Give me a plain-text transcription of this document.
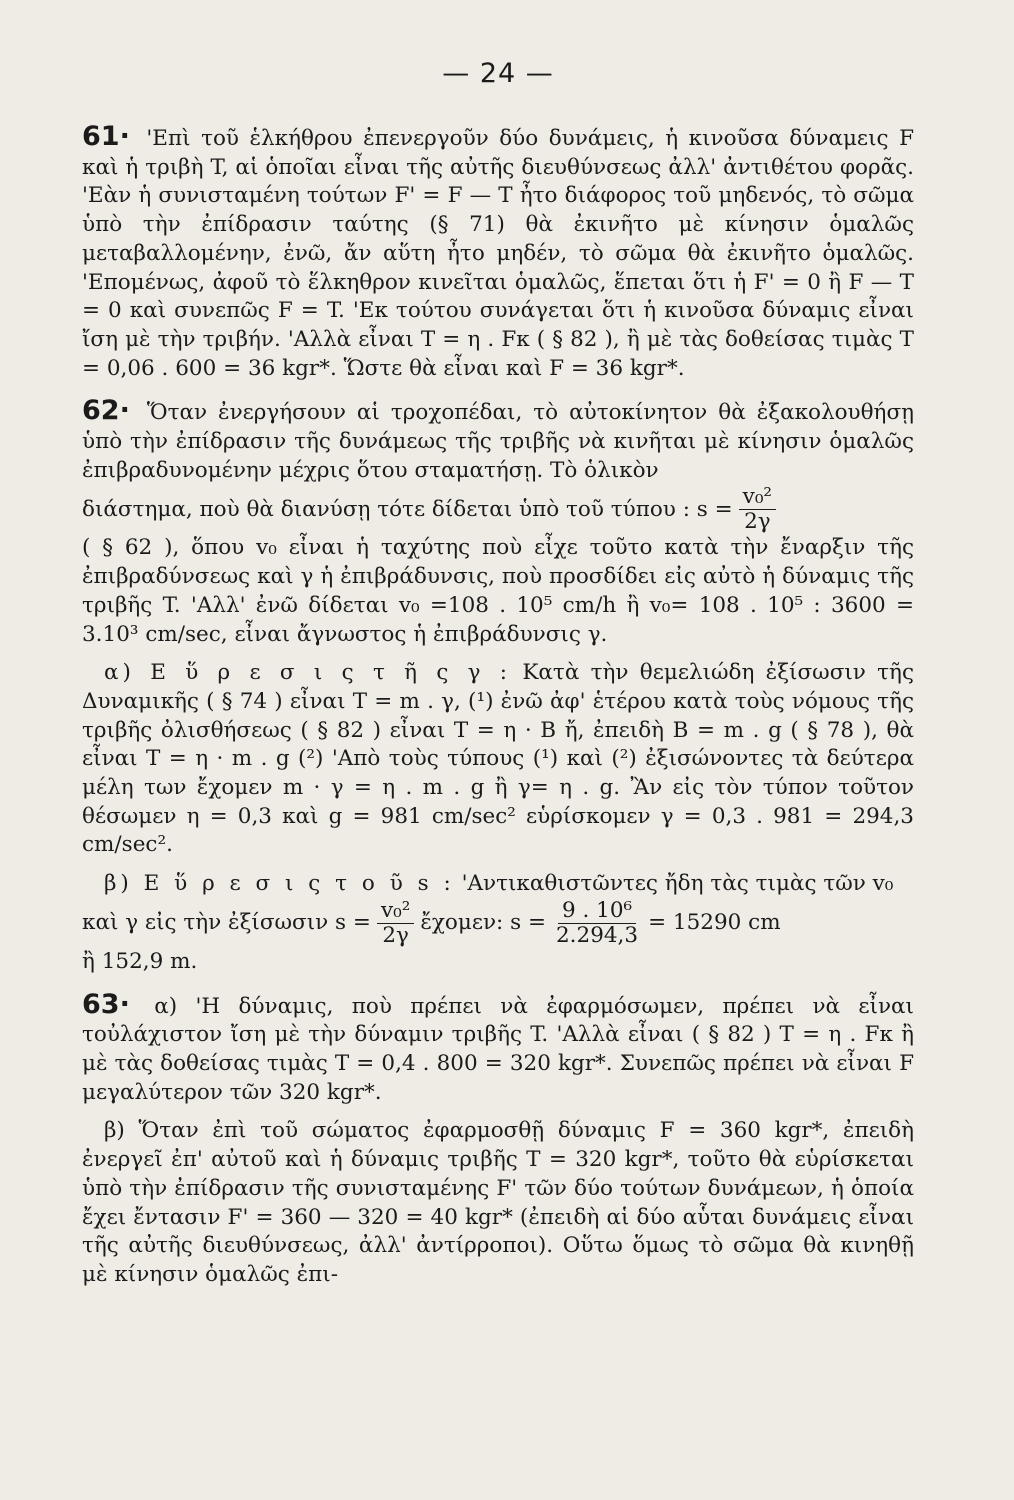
— 24 —

61· 'Επὶ τοῦ ἑλκήθρου ἐπενεργοῦν δύο δυνάμεις, ἡ κινοῦσα δύναμεις F καὶ ἡ τριβὴ T, αἱ ὁποῖαι εἶναι τῆς αὐτῆς διευθύνσεως ἀλλ' ἀντιθέτου φορᾶς. 'Εὰν ἡ συνισταμένη τούτων F' = F — T ἦτο διάφορος τοῦ μηδενός, τὸ σῶμα ὑπὸ τὴν ἐπίδρασιν ταύτης (§ 71) θὰ ἐκινῆτο μὲ κίνησιν ὁμαλῶς μεταβαλλομένην, ἐνῶ, ἄν αὕτη ἦτο μηδέν, τὸ σῶμα θὰ ἐκινῆτο ὁμαλῶς. 'Επομένως, ἀφοῦ τὸ ἕλκηθρον κινεῖται ὁμαλῶς, ἕπεται ὅτι ἡ F' = 0 ἢ F — T = 0 καὶ συνεπῶς F = T. 'Εκ τούτου συνάγεται ὅτι ἡ κινοῦσα δύναμις εἶναι ἴση μὲ τὴν τριβήν. 'Αλλὰ εἶναι T = η . Fκ ( § 82 ), ἢ μὲ τὰς δοθείσας τιμὰς T = 0,06 . 600 = 36 kgr*. Ὥστε θὰ εἶναι καὶ F = 36 kgr*.

62· Ὅταν ἐνεργήσουν αἱ τροχοπέδαι, τὸ αὐτοκίνητον θὰ ἐξακολουθήσῃ ὑπὸ τὴν ἐπίδρασιν τῆς δυνάμεως τῆς τριβῆς νὰ κινῆται μὲ κίνησιν ὁμαλῶς ἐπιβραδυνομένην μέχρις ὅτου σταματήσῃ. Τὸ ὁλικὸν

διάστημα, ποὺ θὰ διανύσῃ τότε δίδεται ὑπὸ τοῦ τύπου : $s = \frac{\text{v₀²}}{2\gamma}$

( § 62 ), ὅπου v₀ εἶναι ἡ ταχύτης ποὺ εἶχε τοῦτο κατὰ τὴν ἔναρξιν τῆς ἐπιβραδύνσεως καὶ γ ἡ ἐπιβράδυνσις, ποὺ προσδίδει εἰς αὐτὸ ἡ δύναμις τῆς τριβῆς T. 'Αλλ' ἐνῶ δίδεται v₀ =108 . 10⁵ cm/h ἢ v₀= 108 . 10⁵ : 3600 = 3.10³ cm/sec, εἶναι ἄγνωστος ἡ ἐπιβράδυνσις γ.

α) Ε ὕ ρ ε σ ι ς τ ῆ ς γ : Κατὰ τὴν θεμελιώδη ἐξίσωσιν τῆς Δυναμικῆς ( § 74 ) εἶναι T = m . γ, (¹) ἐνῶ ἀφ' ἑτέρου κατὰ τοὺς νόμους τῆς τριβῆς ὀλισθήσεως ( § 82 ) εἶναι T = η · B ἤ, ἐπειδὴ B = m . g ( § 78 ), θὰ εἶναι T = η · m . g (²) 'Απὸ τοὺς τύπους (¹) καὶ (²) ἐξισώνοντες τὰ δεύτερα μέλη των ἔχομεν m · γ = η . m . g ἢ γ= η . g. Ἂν εἰς τὸν τύπον τοῦτον θέσωμεν η = 0,3 καὶ g = 981 cm/sec² εὑρίσκομεν γ = 0,3 . 981 = 294,3 cm/sec².

β) Ε ὕ ρ ε σ ι ς τ ο ῦ s : 'Αντικαθιστῶντες ἤδη τὰς τιμὰς τῶν v₀

καὶ γ εἰς τὴν ἐξίσωσιν $s = \frac{\text{v₀²}}{2\gamma}$ ἔχομεν: $s = \frac{\text{9 . 10⁶}}{2.294,3} = 15290$ cm

ἢ 152,9 m.

63· α) 'Η δύναμις, ποὺ πρέπει νὰ ἐφαρμόσωμεν, πρέπει νὰ εἶναι τοὐλάχιστον ἴση μὲ τὴν δύναμιν τριβῆς T. 'Αλλὰ εἶναι ( § 82 ) T = η . Fκ ἢ μὲ τὰς δοθείσας τιμὰς T = 0,4 . 800 = 320 kgr*. Συνεπῶς πρέπει νὰ εἶναι F μεγαλύτερον τῶν 320 kgr*.

β) Ὅταν ἐπὶ τοῦ σώματος ἐφαρμοσθῇ δύναμις F = 360 kgr*, ἐπειδὴ ἐνεργεῖ ἐπ' αὐτοῦ καὶ ἡ δύναμις τριβῆς T = 320 kgr*, τοῦτο θὰ εὑρίσκεται ὑπὸ τὴν ἐπίδρασιν τῆς συνισταμένης F' τῶν δύο τούτων δυνάμεων, ἡ ὁποία ἔχει ἔντασιν F' = 360 — 320 = 40 kgr* (ἐπειδὴ αἱ δύο αὗται δυνάμεις εἶναι τῆς αὐτῆς διευθύνσεως, ἀλλ' ἀντίρροποι). Οὕτω ὅμως τὸ σῶμα θὰ κινηθῇ μὲ κίνησιν ὁμαλῶς ἐπι-
